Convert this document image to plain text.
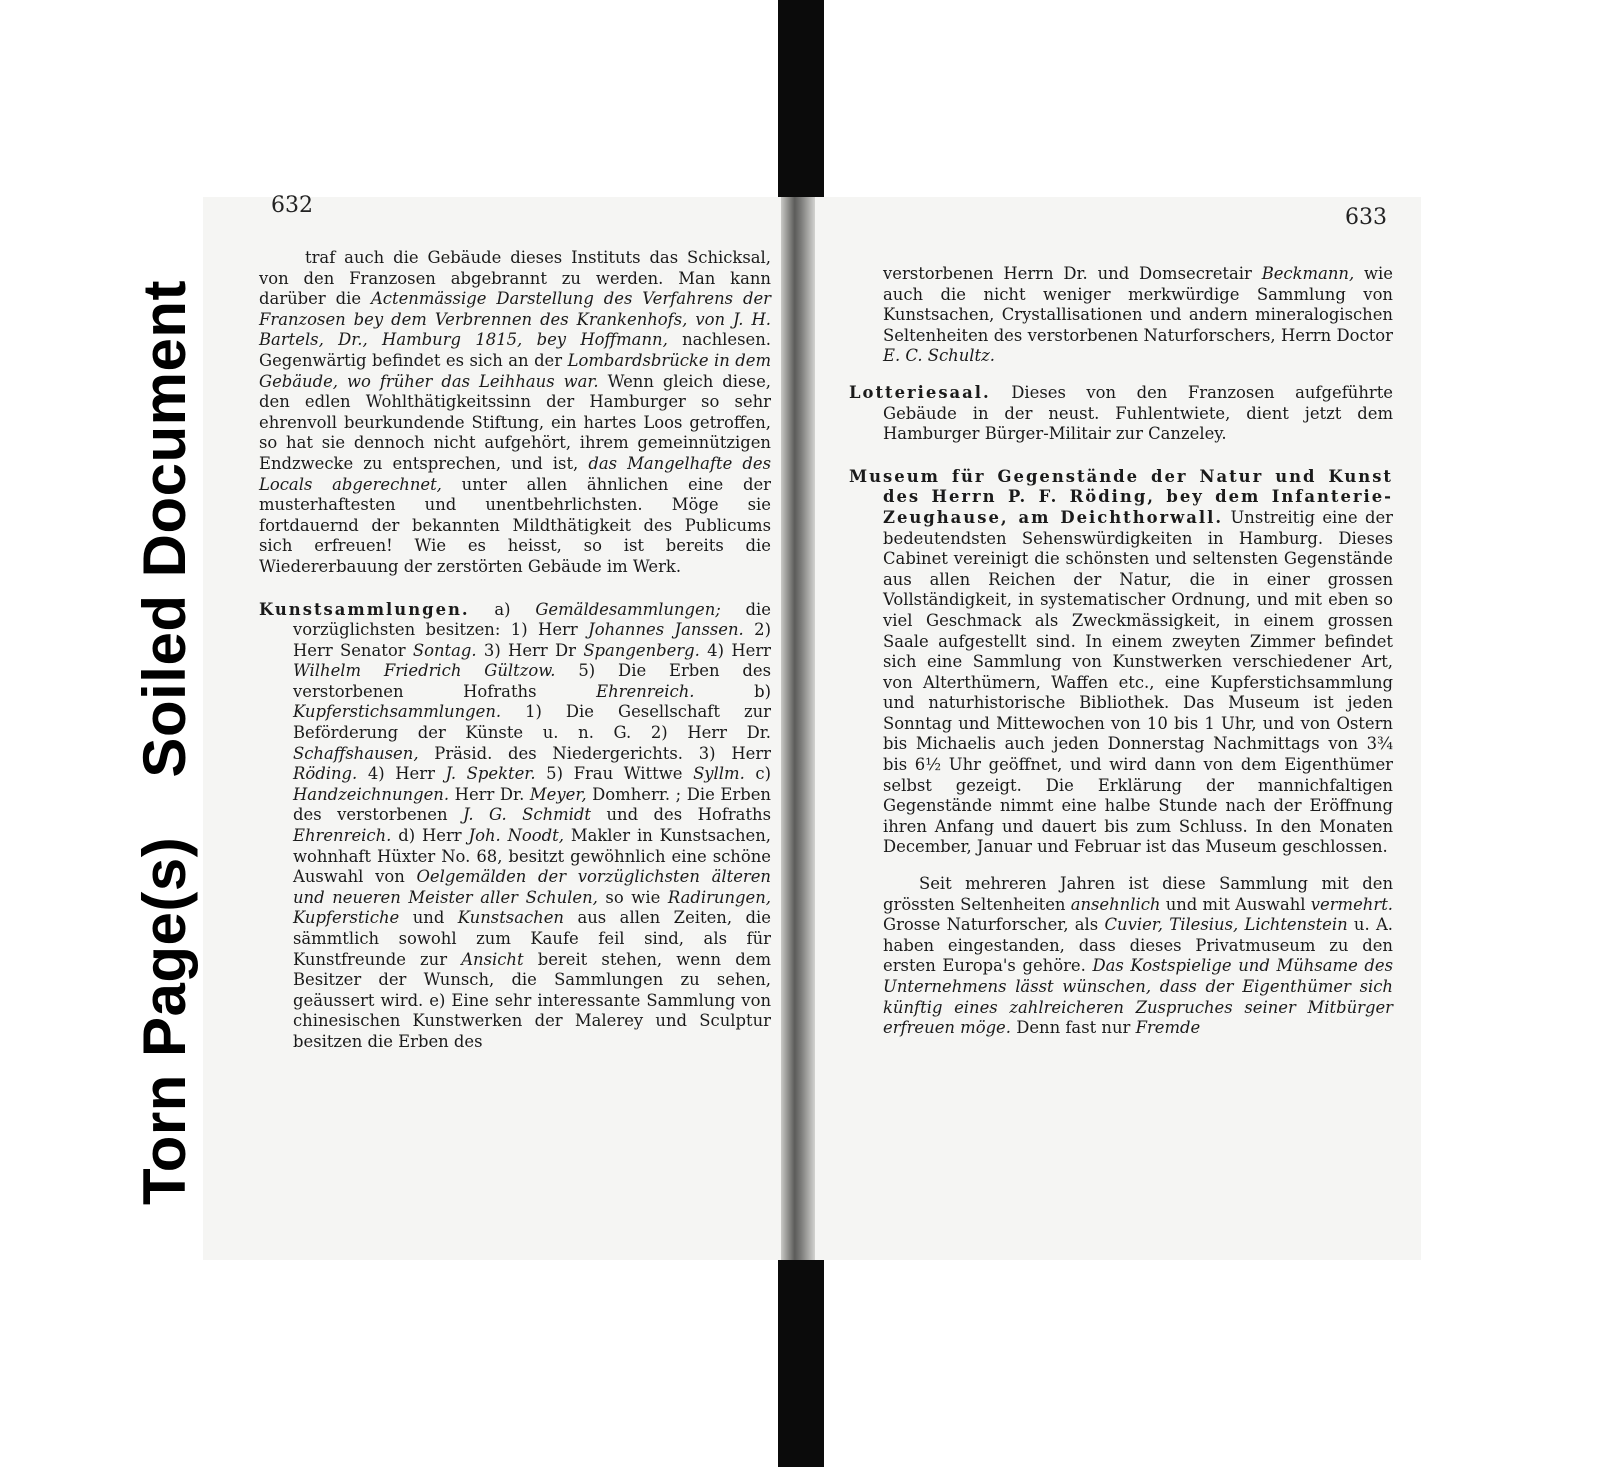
Torn Page(s) Soiled Document
632

traf auch die Gebäude dieses Instituts das Schicksal, von den Franzosen abgebrannt zu werden. Man kann darüber die Actenmässige Darstellung des Verfahrens der Franzosen bey dem Verbrennen des Krankenhofs, von J. H. Bartels, Dr., Hamburg 1815, bey Hoffmann, nachlesen. Gegenwärtig befindet es sich an der Lombardsbrücke in dem Gebäude, wo früher das Leihhaus war. Wenn gleich diese, den edlen Wohlthätigkeitssinn der Hamburger so sehr ehrenvoll beurkundende Stiftung, ein hartes Loos getroffen, so hat sie dennoch nicht aufgehört, ihrem gemeinnützigen Endzwecke zu entsprechen, und ist, das Mangelhafte des Locals abgerechnet, unter allen ähnlichen eine der musterhaftesten und unentbehrlichsten. Möge sie fortdauernd der bekannten Mildthätigkeit des Publicums sich erfreuen! Wie es heisst, so ist bereits die Wiedererbauung der zerstörten Gebäude im Werk.

Kunstsammlungen. a) Gemäldesammlungen; die vorzüglichsten besitzen: 1) Herr Johannes Janssen. 2) Herr Senator Sontag. 3) Herr Dr Spangenberg. 4) Herr Wilhelm Friedrich Gültzow. 5) Die Erben des verstorbenen Hofraths Ehrenreich. b) Kupferstichsammlungen. 1) Die Gesellschaft zur Beförderung der Künste u. n. G. 2) Herr Dr. Schaffshausen, Präsid. des Niedergerichts. 3) Herr Röding. 4) Herr J. Spekter. 5) Frau Wittwe Syllm. c) Handzeichnungen. Herr Dr. Meyer, Domherr. ; Die Erben des verstorbenen J. G. Schmidt und des Hofraths Ehrenreich. d) Herr Joh. Noodt, Makler in Kunstsachen, wohnhaft Hüxter No. 68, besitzt gewöhnlich eine schöne Auswahl von Oelgemälden der vorzüglichsten älteren und neueren Meister aller Schulen, so wie Radirungen, Kupferstiche und Kunstsachen aus allen Zeiten, die sämmtlich sowohl zum Kaufe feil sind, als für Kunstfreunde zur Ansicht bereit stehen, wenn dem Besitzer der Wunsch, die Sammlungen zu sehen, geäussert wird. e) Eine sehr interessante Sammlung von chinesischen Kunstwerken der Malerey und Sculptur besitzen die Erben des

633

verstorbenen Herrn Dr. und Domsecretair Beckmann, wie auch die nicht weniger merkwürdige Sammlung von Kunstsachen, Crystallisationen und andern mineralogischen Seltenheiten des verstorbenen Naturforschers, Herrn Doctor E. C. Schultz.

Lotteriesaal. Dieses von den Franzosen aufgeführte Gebäude in der neust. Fuhlentwiete, dient jetzt dem Hamburger Bürger-Militair zur Canzeley.

Museum für Gegenstände der Natur und Kunst des Herrn P. F. Röding, bey dem Infanterie-Zeughause, am Deichthorwall. Unstreitig eine der bedeutendsten Sehenswürdigkeiten in Hamburg. Dieses Cabinet vereinigt die schönsten und seltensten Gegenstände aus allen Reichen der Natur, die in einer grossen Vollständigkeit, in systematischer Ordnung, und mit eben so viel Geschmack als Zweckmässigkeit, in einem grossen Saale aufgestellt sind. In einem zweyten Zimmer befindet sich eine Sammlung von Kunstwerken verschiedener Art, von Alterthümern, Waffen etc., eine Kupferstichsammlung und naturhistorische Bibliothek. Das Museum ist jeden Sonntag und Mittewochen von 10 bis 1 Uhr, und von Ostern bis Michaelis auch jeden Donnerstag Nachmittags von 3¾ bis 6½ Uhr geöffnet, und wird dann von dem Eigenthümer selbst gezeigt. Die Erklärung der mannichfaltigen Gegenstände nimmt eine halbe Stunde nach der Eröffnung ihren Anfang und dauert bis zum Schluss. In den Monaten December, Januar und Februar ist das Museum geschlossen.

Seit mehreren Jahren ist diese Sammlung mit den grössten Seltenheiten ansehnlich und mit Auswahl vermehrt. Grosse Naturforscher, als Cuvier, Tilesius, Lichtenstein u. A. haben eingestanden, dass dieses Privatmuseum zu den ersten Europa's gehöre. Das Kostspielige und Mühsame des Unternehmens lässt wünschen, dass der Eigenthümer sich künftig eines zahlreicheren Zuspruches seiner Mitbürger erfreuen möge. Denn fast nur Fremde
